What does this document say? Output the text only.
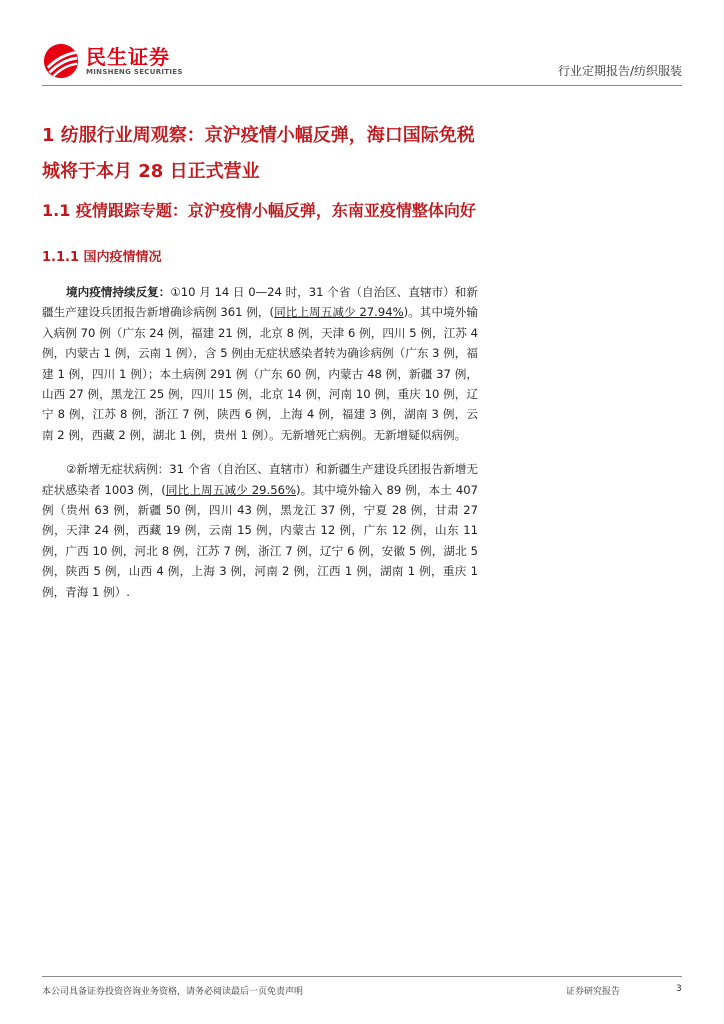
民生证券
MINSHENG SECURITIES	行业定期报告/纺织服装
1 纺服行业周观察：京沪疫情小幅反弹，海口国际免税城将于本月 28 日正式营业
1.1 疫情跟踪专题：京沪疫情小幅反弹，东南亚疫情整体向好
1.1.1 国内疫情情况

境内疫情持续反复：①10 月 14 日 0—24 时，31 个省（自治区、直辖市）和新疆生产建设兵团报告新增确诊病例 361 例，(同比上周五减少 27.94%)。其中境外输入病例 70 例（广东 24 例，福建 21 例，北京 8 例，天津 6 例，四川 5 例，江苏 4 例，内蒙古 1 例，云南 1 例），含 5 例由无症状感染者转为确诊病例（广东 3 例，福建 1 例，四川 1 例）；本土病例 291 例（广东 60 例，内蒙古 48 例，新疆 37 例，山西 27 例，黑龙江 25 例，四川 15 例，北京 14 例，河南 10 例，重庆 10 例，辽宁 8 例，江苏 8 例，浙江 7 例，陕西 6 例，上海 4 例，福建 3 例，湖南 3 例，云南 2 例，西藏 2 例，湖北 1 例，贵州 1 例）。无新增死亡病例。无新增疑似病例。

②新增无症状病例：31 个省（自治区、直辖市）和新疆生产建设兵团报告新增无症状感染者 1003 例，(同比上周五减少 29.56%)。其中境外输入 89 例，本土 407 例（贵州 63 例，新疆 50 例，四川 43 例，黑龙江 37 例，宁夏 28 例，甘肃 27 例，天津 24 例，西藏 19 例，云南 15 例，内蒙古 12 例，广东 12 例，山东 11 例，广西 10 例，河北 8 例，江苏 7 例，浙江 7 例，辽宁 6 例，安徽 5 例，湖北 5 例，陕西 5 例，山西 4 例，上海 3 例，河南 2 例，江西 1 例，湖南 1 例，重庆 1 例，青海 1 例）.

本公司具备证券投资咨询业务资格，请务必阅读最后一页免责声明	证券研究报告	3
